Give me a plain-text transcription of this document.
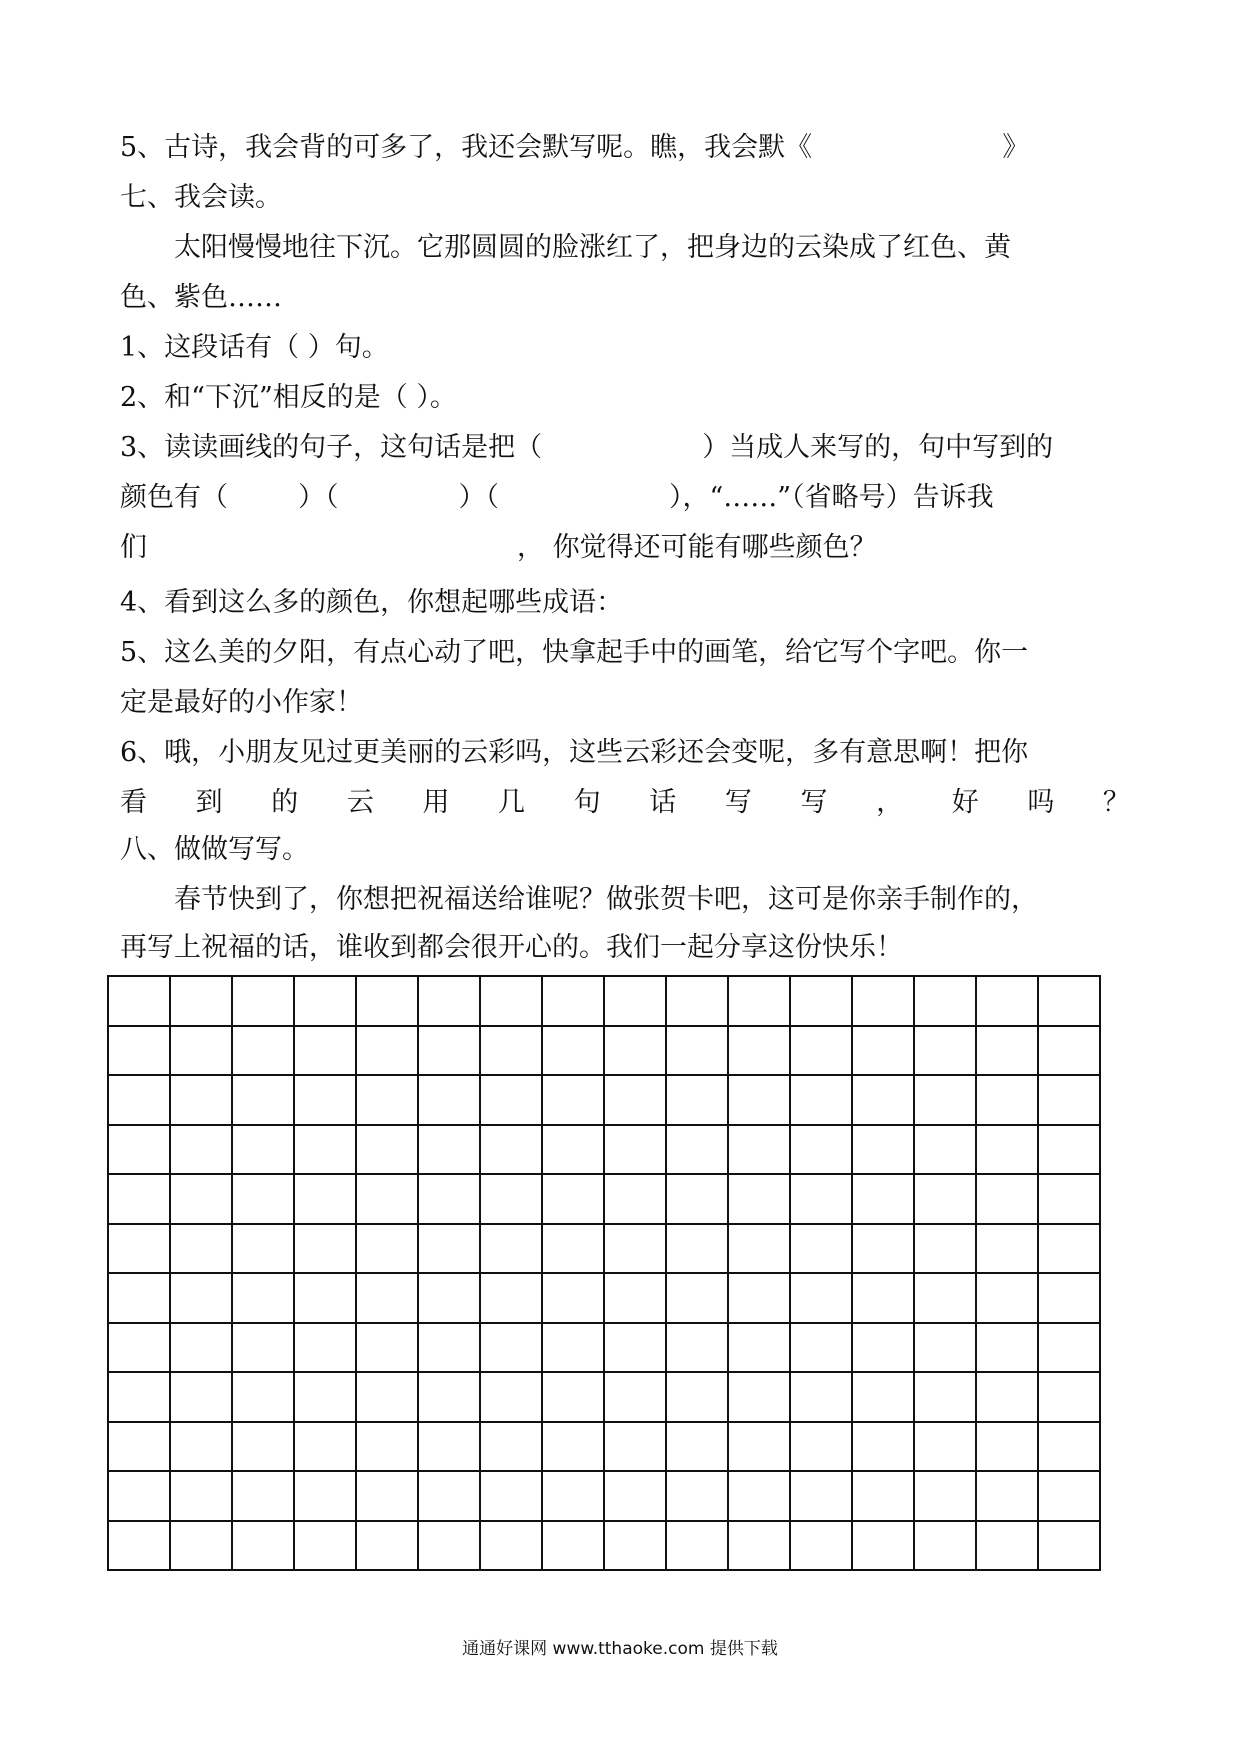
5、古诗，我会背的可多了，我还会默写呢。瞧，我会默《	》
七、我会读。
太阳慢慢地往下沉。它那圆圆的脸涨红了，把身边的云染成了红色、黄
色、紫色……
1、这段话有（ ）句。
2、和“下沉”相反的是（ ）。
3、读读画线的句子，这句话是把（	）当成人来写的，句中写到的
颜色有（	）（	）（	），“……”（省略号）告诉我
们	， 你觉得还可能有哪些颜色？
4、看到这么多的颜色，你想起哪些成语：
5、这么美的夕阳，有点心动了吧，快拿起手中的画笔，给它写个字吧。你一
定是最好的小作家！
6、哦，小朋友见过更美丽的云彩吗，这些云彩还会变呢，多有意思啊！把你
看 到 的 云 用 几 句 话 写 写 ， 好 吗 ？
八、做做写写。
春节快到了，你想把祝福送给谁呢？做张贺卡吧，这可是你亲手制作的，
再写上祝福的话，谁收到都会很开心的。我们一起分享这份快乐！

通通好课网 www.tthaoke.com 提供下载
